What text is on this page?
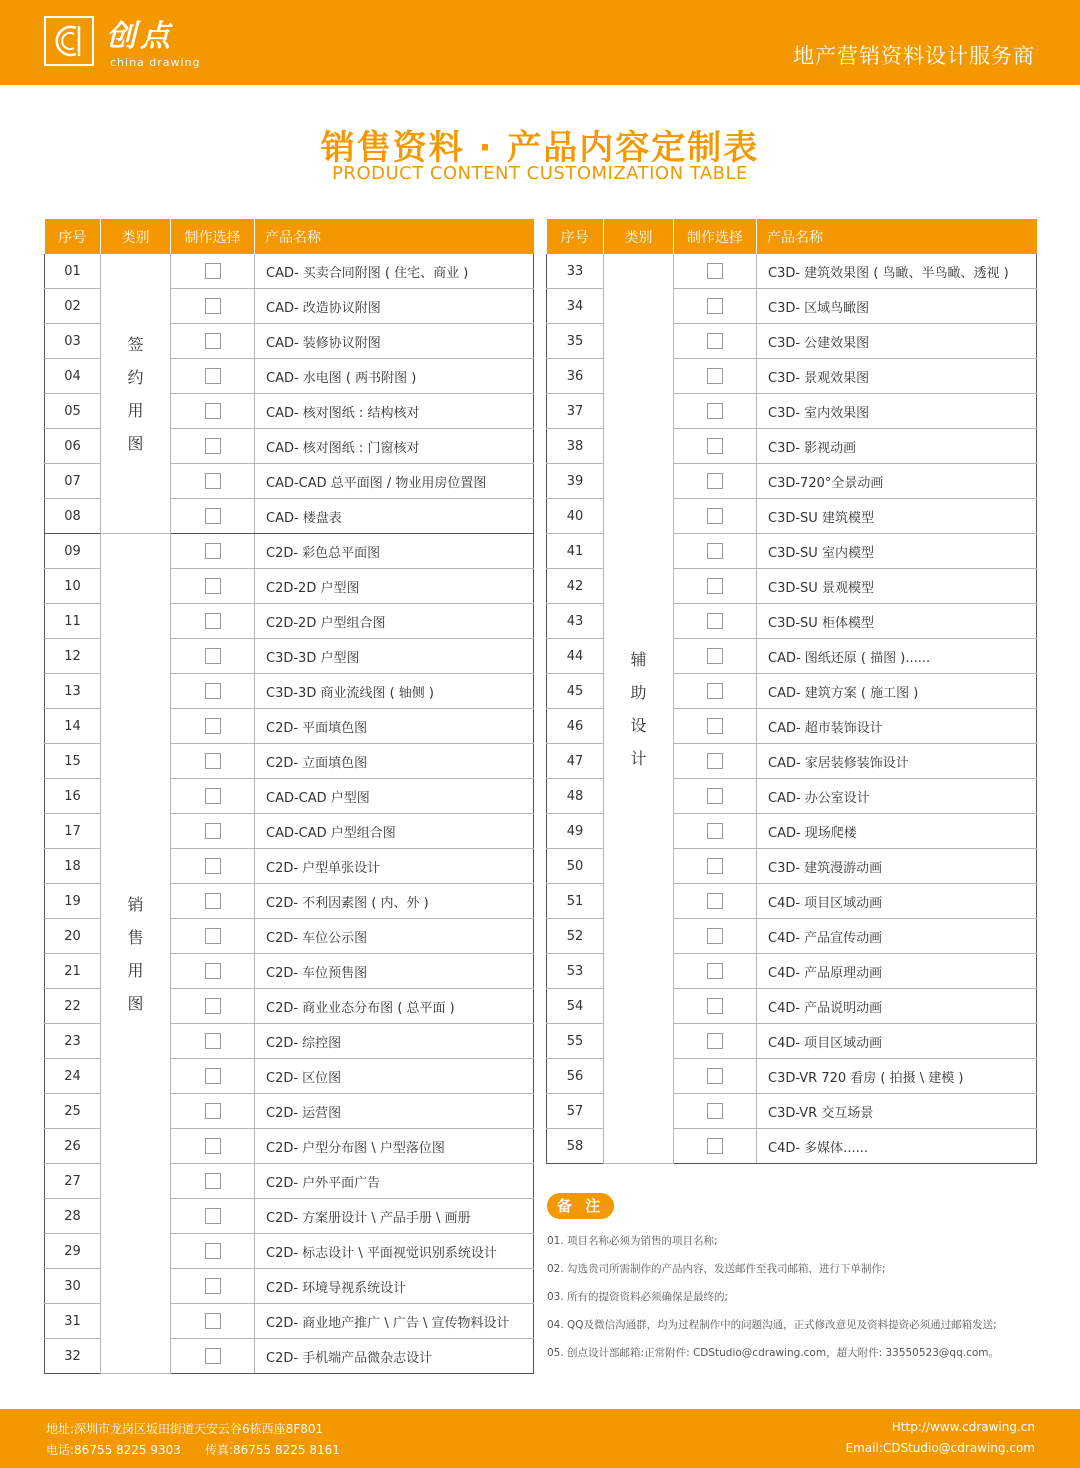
创点
china drawing	地产营销资料设计服务商
销售资料 · 产品内容定制表
PRODUCT CONTENT CUSTOMIZATION TABLE
序号	类别	制作选择	产品名称
01	签约用图		CAD- 买卖合同附图 ( 住宅、商业 )
02			CAD- 改造协议附图
03			CAD- 装修协议附图
04			CAD- 水电图 ( 两书附图 )
05			CAD- 核对图纸 : 结构核对
06			CAD- 核对图纸 : 门窗核对
07			CAD-CAD 总平面图 / 物业用房位置图
08			CAD- 楼盘表
09	销售用图		C2D- 彩色总平面图
10			C2D-2D 户型图
11			C2D-2D 户型组合图
12			C3D-3D 户型图
13			C3D-3D 商业流线图 ( 轴侧 )
14			C2D- 平面填色图
15			C2D- 立面填色图
16			CAD-CAD 户型图
17			CAD-CAD 户型组合图
18			C2D- 户型单张设计
19			C2D- 不利因素图 ( 内、外 )
20			C2D- 车位公示图
21			C2D- 车位预售图
22			C2D- 商业业态分布图 ( 总平面 )
23			C2D- 综控图
24			C2D- 区位图
25			C2D- 运营图
26			C2D- 户型分布图 \ 户型落位图
27			C2D- 户外平面广告
28			C2D- 方案册设计 \ 产品手册 \ 画册
29			C2D- 标志设计 \ 平面视觉识别系统设计
30			C2D- 环境导视系统设计
31			C2D- 商业地产推广 \ 广告 \ 宣传物料设计
32			C2D- 手机端产品微杂志设计
序号	类别	制作选择	产品名称
33	辅助设计		C3D- 建筑效果图 ( 鸟瞰、半鸟瞰、透视 )
34			C3D- 区域鸟瞰图
35			C3D- 公建效果图
36			C3D- 景观效果图
37			C3D- 室内效果图
38			C3D- 影视动画
39			C3D-720°全景动画
40			C3D-SU 建筑模型
41			C3D-SU 室内模型
42			C3D-SU 景观模型
43			C3D-SU 柜体模型
44			CAD- 图纸还原 ( 描图 )......
45			CAD- 建筑方案 ( 施工图 )
46			CAD- 超市装饰设计
47			CAD- 家居装修装饰设计
48			CAD- 办公室设计
49			CAD- 现场爬楼
50			C3D- 建筑漫游动画
51			C4D- 项目区域动画
52			C4D- 产品宣传动画
53			C4D- 产品原理动画
54			C4D- 产品说明动画
55			C4D- 项目区域动画
56			C3D-VR 720 看房 ( 拍摄 \ 建模 )
57			C3D-VR 交互场景
58			C4D- 多媒体......
备 注
01. 项目名称必须为销售的项目名称;
02. 勾选贵司所需制作的产品内容，发送邮件至我司邮箱，进行下单制作;
03. 所有的提资资料必须确保是最终的;
04. QQ及微信沟通群，均为过程制作中的问题沟通，正式修改意见及资料提资必须通过邮箱发送;
05. 创点设计部邮箱:正常附件: CDStudio@cdrawing.com，超大附件: 33550523@qq.com。
地址:深圳市龙岗区坂田街道天安云谷6栋西座8F801
电话:86755 8225 9303 传真:86755 8225 8161
Http://www.cdrawing.cn
Email:CDStudio@cdrawing.com
